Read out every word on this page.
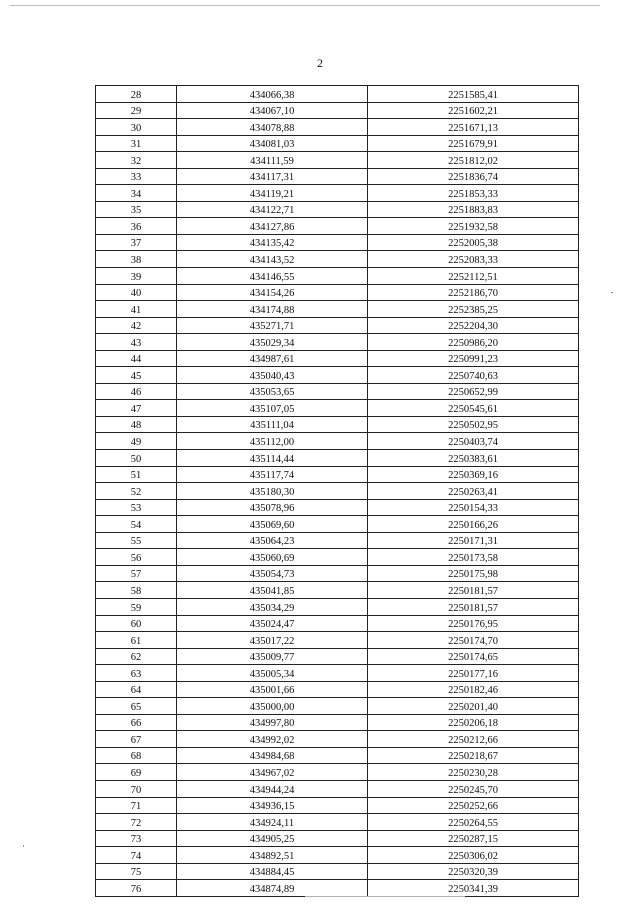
2
28	434066,38	2251585,41
29	434067,10	2251602,21
30	434078,88	2251671,13
31	434081,03	2251679,91
32	434111,59	2251812,02
33	434117,31	2251836,74
34	434119,21	2251853,33
35	434122,71	2251883,83
36	434127,86	2251932,58
37	434135,42	2252005,38
38	434143,52	2252083,33
39	434146,55	2252112,51
40	434154,26	2252186,70
41	434174,88	2252385,25
42	435271,71	2252204,30
43	435029,34	2250986,20
44	434987,61	2250991,23
45	435040,43	2250740,63
46	435053,65	2250652,99
47	435107,05	2250545,61
48	435111,04	2250502,95
49	435112,00	2250403,74
50	435114,44	2250383,61
51	435117,74	2250369,16
52	435180,30	2250263,41
53	435078,96	2250154,33
54	435069,60	2250166,26
55	435064,23	2250171,31
56	435060,69	2250173,58
57	435054,73	2250175,98
58	435041,85	2250181,57
59	435034,29	2250181,57
60	435024,47	2250176,95
61	435017,22	2250174,70
62	435009,77	2250174,65
63	435005,34	2250177,16
64	435001,66	2250182,46
65	435000,00	2250201,40
66	434997,80	2250206,18
67	434992,02	2250212,66
68	434984,68	2250218,67
69	434967,02	2250230,28
70	434944,24	2250245,70
71	434936,15	2250252,66
72	434924,11	2250264,55
73	434905,25	2250287,15
74	434892,51	2250306,02
75	434884,45	2250320,39
76	434874,89	2250341,39
